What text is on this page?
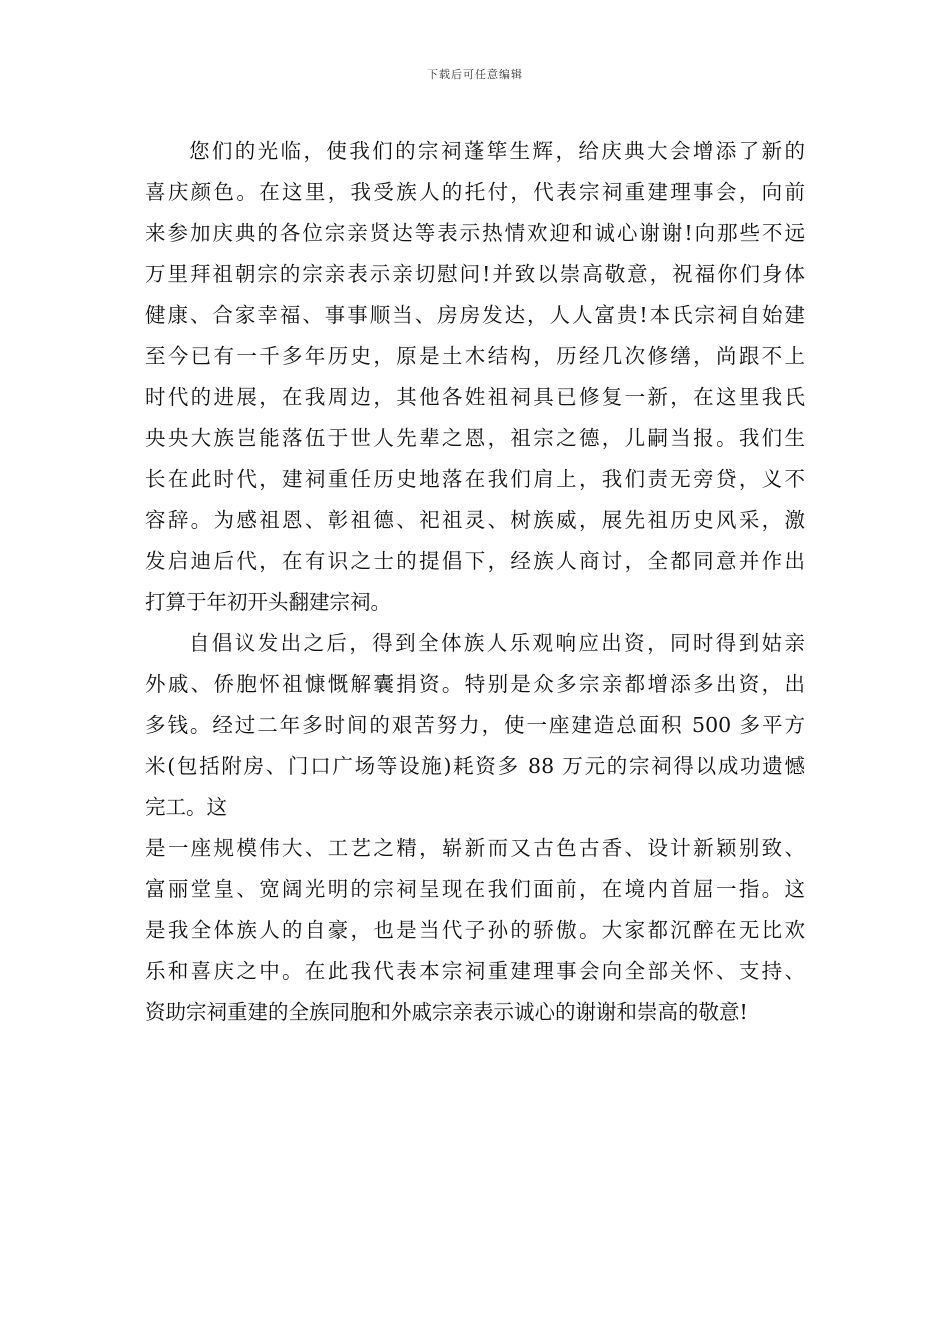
下载后可任意编辑
您们的光临，使我们的宗祠蓬筚生辉，给庆典大会增添了新的
喜庆颜色。在这里，我受族人的托付，代表宗祠重建理事会，向前
来参加庆典的各位宗亲贤达等表示热情欢迎和诚心谢谢!向那些不远
万里拜祖朝宗的宗亲表示亲切慰问!并致以崇高敬意，祝福你们身体
健康、合家幸福、事事顺当、房房发达，人人富贵!本氏宗祠自始建
至今已有一千多年历史，原是土木结构，历经几次修缮，尚跟不上
时代的进展，在我周边，其他各姓祖祠具已修复一新，在这里我氏
央央大族岂能落伍于世人先辈之恩，祖宗之德，儿嗣当报。我们生
长在此时代，建祠重任历史地落在我们肩上，我们责无旁贷，义不
容辞。为感祖恩、彰祖德、祀祖灵、树族威，展先祖历史风采，激
发启迪后代，在有识之士的提倡下，经族人商讨，全都同意并作出
打算于年初开头翻建宗祠。
自倡议发出之后，得到全体族人乐观响应出资，同时得到姑亲
外戚、侨胞怀祖慷慨解囊捐资。特别是众多宗亲都增添多出资，出
多钱。经过二年多时间的艰苦努力，使一座建造总面积 500 多平方
米(包括附房、门口广场等设施)耗资多 88 万元的宗祠得以成功遗憾
完工。这
是一座规模伟大、工艺之精，崭新而又古色古香、设计新颖别致、
富丽堂皇、宽阔光明的宗祠呈现在我们面前，在境内首屈一指。这
是我全体族人的自豪，也是当代子孙的骄傲。大家都沉醉在无比欢
乐和喜庆之中。在此我代表本宗祠重建理事会向全部关怀、支持、
资助宗祠重建的全族同胞和外戚宗亲表示诚心的谢谢和崇高的敬意!
